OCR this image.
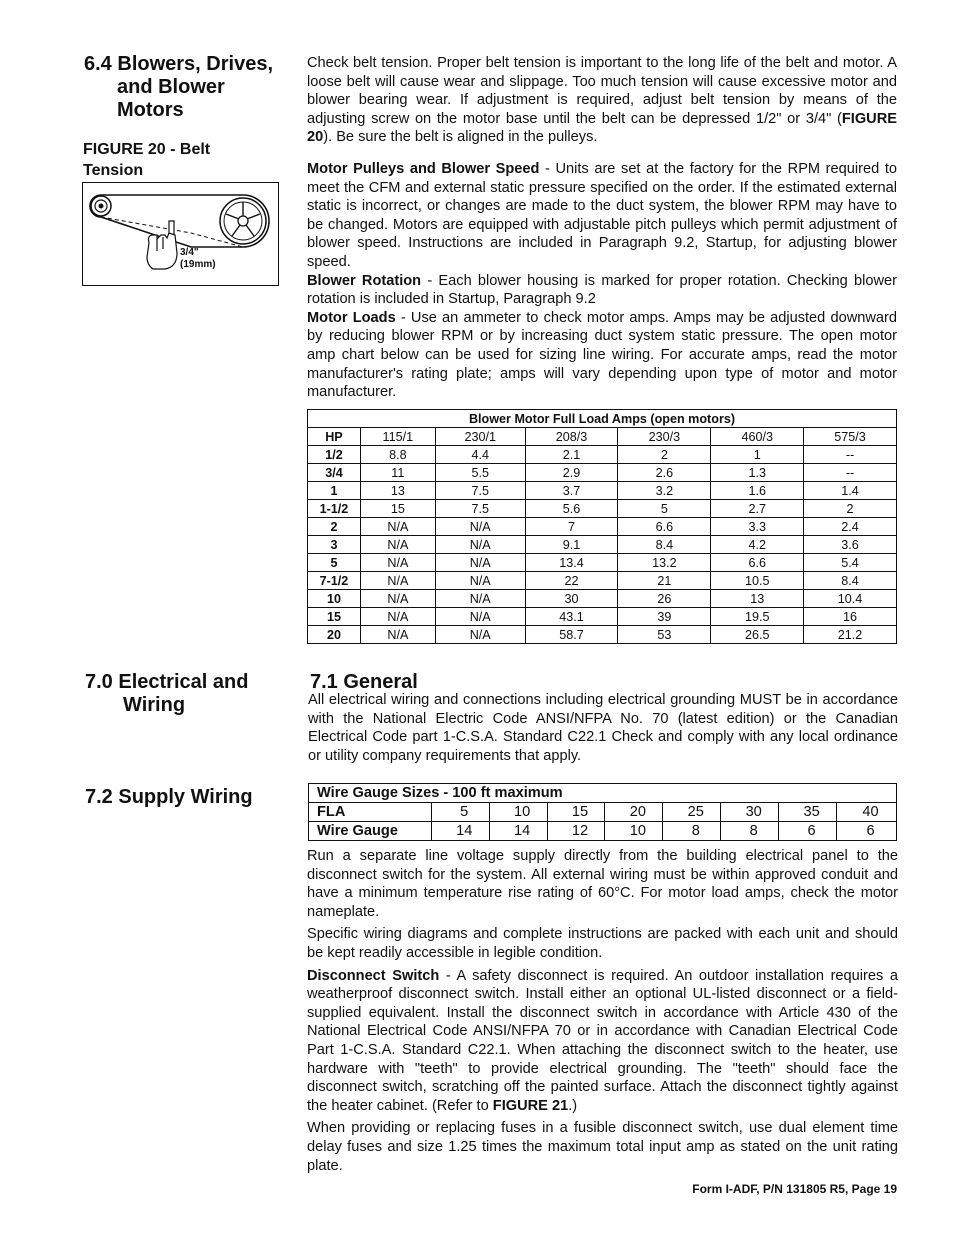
6.4 Blowers, Drives,
and Blower
Motors
FIGURE 20 - Belt
Tension
3/4"
(19mm)

Check belt tension. Proper belt tension is important to the long life of the belt and motor. A loose belt will cause wear and slippage. Too much tension will cause excessive motor and blower bearing wear. If adjustment is required, adjust belt tension by means of the adjusting screw on the motor base until the belt can be depressed 1/2" or 3/4" (FIGURE 20). Be sure the belt is aligned in the pulleys.

Motor Pulleys and Blower Speed - Units are set at the factory for the RPM required to meet the CFM and external static pressure specified on the order. If the estimated external static is incorrect, or changes are made to the duct system, the blower RPM may have to be changed. Motors are equipped with adjustable pitch pulleys which permit adjustment of blower speed. Instructions are included in Paragraph 9.2, Startup, for adjusting blower speed.

Blower Rotation - Each blower housing is marked for proper rotation. Checking blower rotation is included in Startup, Paragraph 9.2

Motor Loads - Use an ammeter to check motor amps. Amps may be adjusted downward by reducing blower RPM or by increasing duct system static pressure. The open motor amp chart below can be used for sizing line wiring. For accurate amps, read the motor manufacturer's rating plate; amps will vary depending upon type of motor and motor manufacturer.

Blower Motor Full Load Amps (open motors)						
HP	115/1	230/1	208/3	230/3	460/3	575/3
1/2	8.8	4.4	2.1	2	1	--
3/4	11	5.5	2.9	2.6	1.3	--
1	13	7.5	3.7	3.2	1.6	1.4
1-1/2	15	7.5	5.6	5	2.7	2
2	N/A	N/A	7	6.6	3.3	2.4
3	N/A	N/A	9.1	8.4	4.2	3.6
5	N/A	N/A	13.4	13.2	6.6	5.4
7-1/2	N/A	N/A	22	21	10.5	8.4
10	N/A	N/A	30	26	13	10.4
15	N/A	N/A	43.1	39	19.5	16
20	N/A	N/A	58.7	53	26.5	21.2
7.0 Electrical and
Wiring
7.1 General
All electrical wiring and connections including electrical grounding MUST be in accordance with the National Electric Code ANSI/NFPA No. 70 (latest edition) or the Canadian Electrical Code part 1-C.S.A. Standard C22.1 Check and comply with any local ordinance or utility company requirements that apply.
7.2 Supply Wiring	Wire Gauge Sizes - 100 ft maximum								
FLA	5	10	15	20	25	30	35	40
Wire Gauge	14	14	12	10	8	8	6	6

Run a separate line voltage supply directly from the building electrical panel to the disconnect switch for the system. All external wiring must be within approved conduit and have a minimum temperature rise rating of 60°C. For motor load amps, check the motor nameplate.

Specific wiring diagrams and complete instructions are packed with each unit and should be kept readily accessible in legible condition.

Disconnect Switch - A safety disconnect is required. An outdoor installation requires a weatherproof disconnect switch. Install either an optional UL-listed disconnect or a field-supplied equivalent. Install the disconnect switch in accordance with Article 430 of the National Electrical Code ANSI/NFPA 70 or in accordance with Canadian Electrical Code Part 1-C.S.A. Standard C22.1. When attaching the disconnect switch to the heater, use hardware with "teeth" to provide electrical grounding. The "teeth" should face the disconnect switch, scratching off the painted surface. Attach the disconnect tightly against the heater cabinet. (Refer to FIGURE 21.)

When providing or replacing fuses in a fusible disconnect switch, use dual element time delay fuses and size 1.25 times the maximum total input amp as stated on the unit rating plate.

Form I-ADF, P/N 131805 R5, Page 19
